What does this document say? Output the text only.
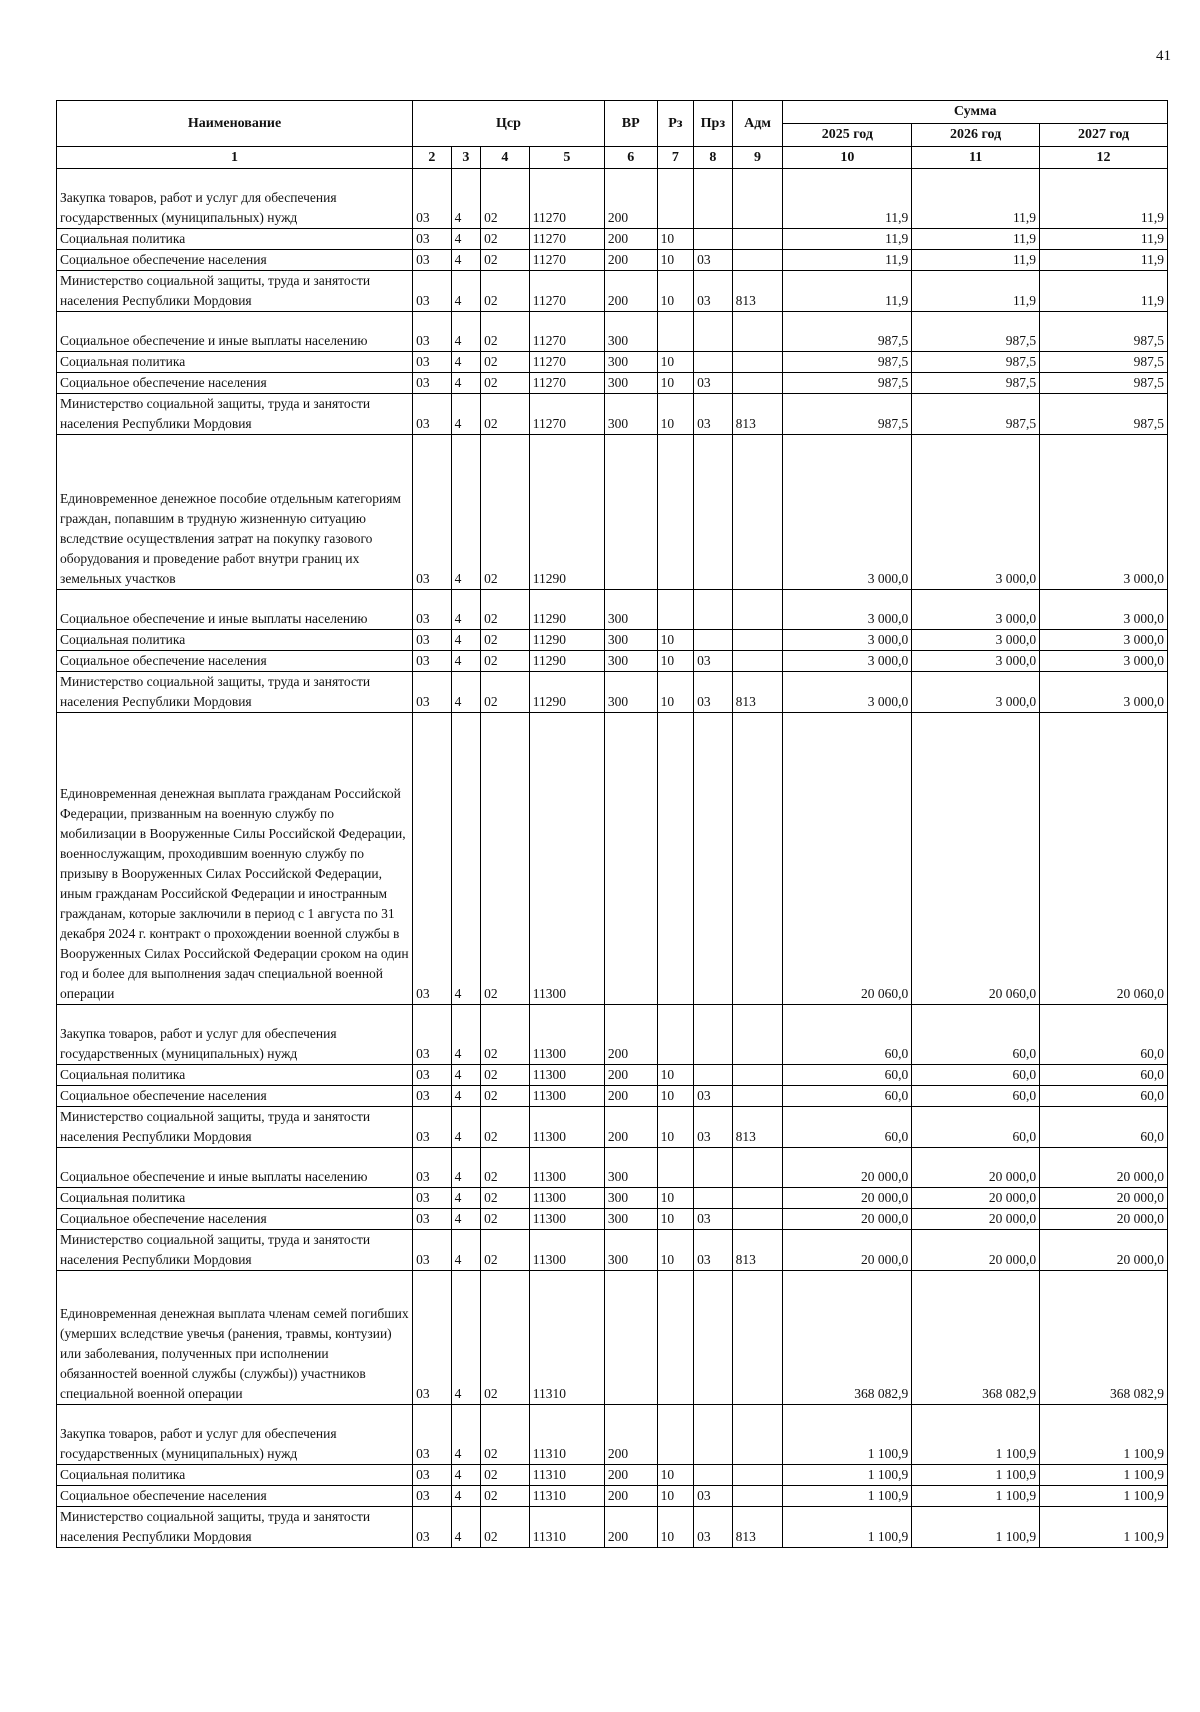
41
Наименование	Цср				ВР	Рз	Прз	Адм	Сумма		
									2025 год	2026 год	2027 год
1	2	3	4	5	6	7	8	9	10	11	12
Закупка товаров, работ и услуг для обеспечения государственных (муниципальных) нужд	03	4	02	11270	200				11,9	11,9	11,9
Социальная политика	03	4	02	11270	200	10			11,9	11,9	11,9
Социальное обеспечение населения	03	4	02	11270	200	10	03		11,9	11,9	11,9
Министерство социальной защиты, труда и занятости населения Республики Мордовия	03	4	02	11270	200	10	03	813	11,9	11,9	11,9
Социальное обеспечение и иные выплаты населению	03	4	02	11270	300				987,5	987,5	987,5
Социальная политика	03	4	02	11270	300	10			987,5	987,5	987,5
Социальное обеспечение населения	03	4	02	11270	300	10	03		987,5	987,5	987,5
Министерство социальной защиты, труда и занятости населения Республики Мордовия	03	4	02	11270	300	10	03	813	987,5	987,5	987,5
Единовременное денежное пособие отдельным категориям граждан, попавшим в трудную жизненную ситуацию вследствие осуществления затрат на покупку газового оборудования и проведение работ внутри границ их земельных участков	03	4	02	11290					3 000,0	3 000,0	3 000,0
Социальное обеспечение и иные выплаты населению	03	4	02	11290	300				3 000,0	3 000,0	3 000,0
Социальная политика	03	4	02	11290	300	10			3 000,0	3 000,0	3 000,0
Социальное обеспечение населения	03	4	02	11290	300	10	03		3 000,0	3 000,0	3 000,0
Министерство социальной защиты, труда и занятости населения Республики Мордовия	03	4	02	11290	300	10	03	813	3 000,0	3 000,0	3 000,0
Единовременная денежная выплата гражданам Российской Федерации, призванным на военную службу по мобилизации в Вооруженные Силы Российской Федерации, военнослужащим, проходившим военную службу по призыву в Вооруженных Силах Российской Федерации, иным гражданам Российской Федерации и иностранным гражданам, которые заключили в период с 1 августа по 31 декабря 2024 г. контракт о прохождении военной службы в Вооруженных Силах Российской Федерации сроком на один год и более для выполнения задач специальной военной операции	03	4	02	11300					20 060,0	20 060,0	20 060,0
Закупка товаров, работ и услуг для обеспечения государственных (муниципальных) нужд	03	4	02	11300	200				60,0	60,0	60,0
Социальная политика	03	4	02	11300	200	10			60,0	60,0	60,0
Социальное обеспечение населения	03	4	02	11300	200	10	03		60,0	60,0	60,0
Министерство социальной защиты, труда и занятости населения Республики Мордовия	03	4	02	11300	200	10	03	813	60,0	60,0	60,0
Социальное обеспечение и иные выплаты населению	03	4	02	11300	300				20 000,0	20 000,0	20 000,0
Социальная политика	03	4	02	11300	300	10			20 000,0	20 000,0	20 000,0
Социальное обеспечение населения	03	4	02	11300	300	10	03		20 000,0	20 000,0	20 000,0
Министерство социальной защиты, труда и занятости населения Республики Мордовия	03	4	02	11300	300	10	03	813	20 000,0	20 000,0	20 000,0
Единовременная денежная выплата членам семей погибших (умерших вследствие увечья (ранения, травмы, контузии) или заболевания, полученных при исполнении обязанностей военной службы (службы)) участников специальной военной операции	03	4	02	11310					368 082,9	368 082,9	368 082,9
Закупка товаров, работ и услуг для обеспечения государственных (муниципальных) нужд	03	4	02	11310	200				1 100,9	1 100,9	1 100,9
Социальная политика	03	4	02	11310	200	10			1 100,9	1 100,9	1 100,9
Социальное обеспечение населения	03	4	02	11310	200	10	03		1 100,9	1 100,9	1 100,9
Министерство социальной защиты, труда и занятости населения Республики Мордовия	03	4	02	11310	200	10	03	813	1 100,9	1 100,9	1 100,9
